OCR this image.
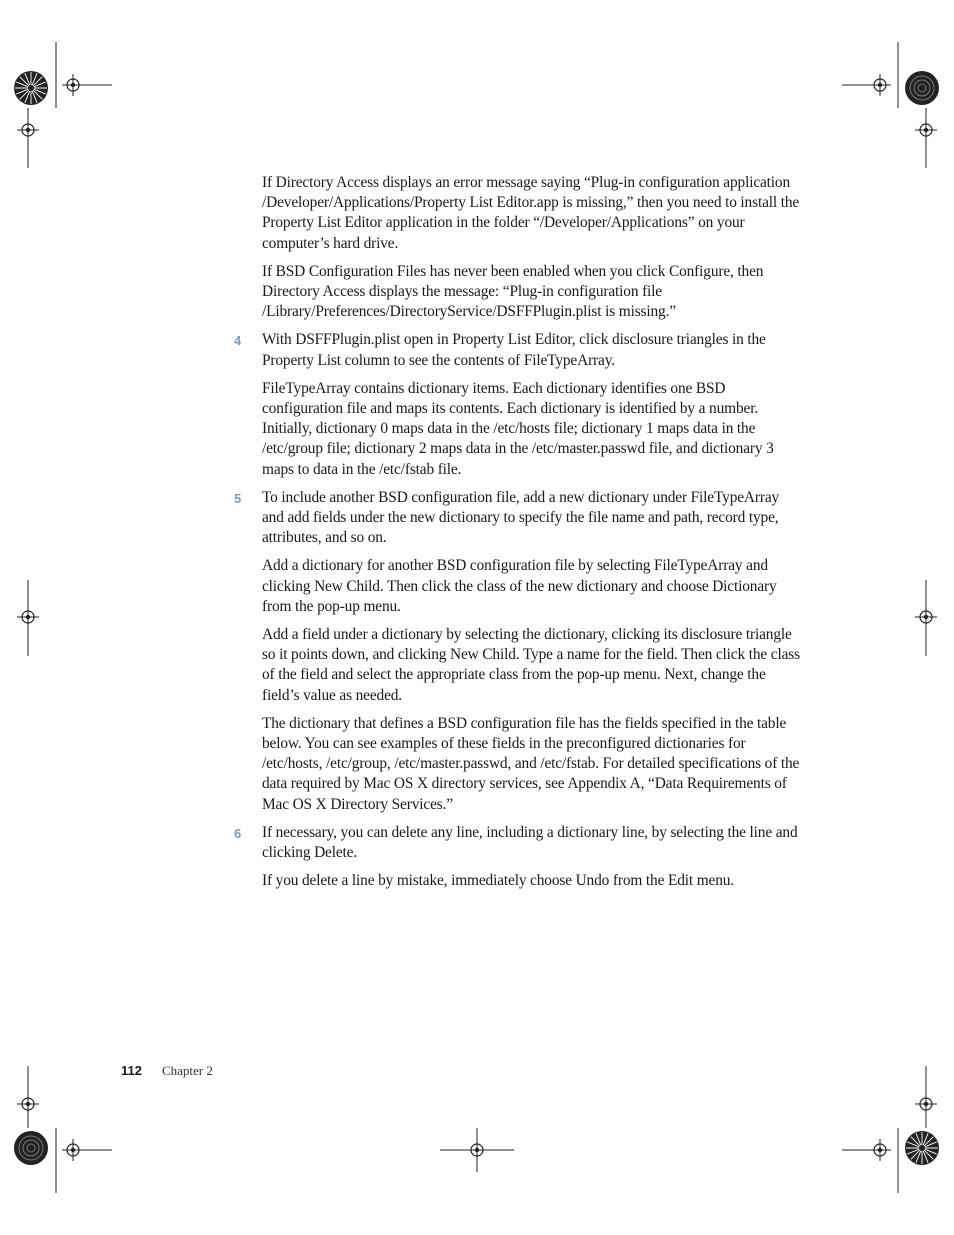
If Directory Access displays an error message saying “Plug-in configuration application /Developer/Applications/Property List Editor.app is missing,” then you need to install the Property List Editor application in the folder “/Developer/Applications” on your computer’s hard drive.

If BSD Configuration Files has never been enabled when you click Configure, then Directory Access displays the message: “Plug-in configuration file /Library/Preferences/DirectoryService/DSFFPlugin.plist is missing.”

4 With DSFFPlugin.plist open in Property List Editor, click disclosure triangles in the Property List column to see the contents of FileTypeArray.

FileTypeArray contains dictionary items. Each dictionary identifies one BSD configuration file and maps its contents. Each dictionary is identified by a number. Initially, dictionary 0 maps data in the /etc/hosts file; dictionary 1 maps data in the /etc/group file; dictionary 2 maps data in the /etc/master.passwd file, and dictionary 3 maps to data in the /etc/fstab file.

5 To include another BSD configuration file, add a new dictionary under FileTypeArray and add fields under the new dictionary to specify the file name and path, record type, attributes, and so on.

Add a dictionary for another BSD configuration file by selecting FileTypeArray and clicking New Child. Then click the class of the new dictionary and choose Dictionary from the pop-up menu.

Add a field under a dictionary by selecting the dictionary, clicking its disclosure triangle so it points down, and clicking New Child. Type a name for the field. Then click the class of the field and select the appropriate class from the pop-up menu. Next, change the field’s value as needed.

The dictionary that defines a BSD configuration file has the fields specified in the table below. You can see examples of these fields in the preconfigured dictionaries for /etc/hosts, /etc/group, /etc/master.passwd, and /etc/fstab. For detailed specifications of the data required by Mac OS X directory services, see Appendix A, “Data Requirements of Mac OS X Directory Services.”

6 If necessary, you can delete any line, including a dictionary line, by selecting the line and clicking Delete.

If you delete a line by mistake, immediately choose Undo from the Edit menu.

112 Chapter 2
